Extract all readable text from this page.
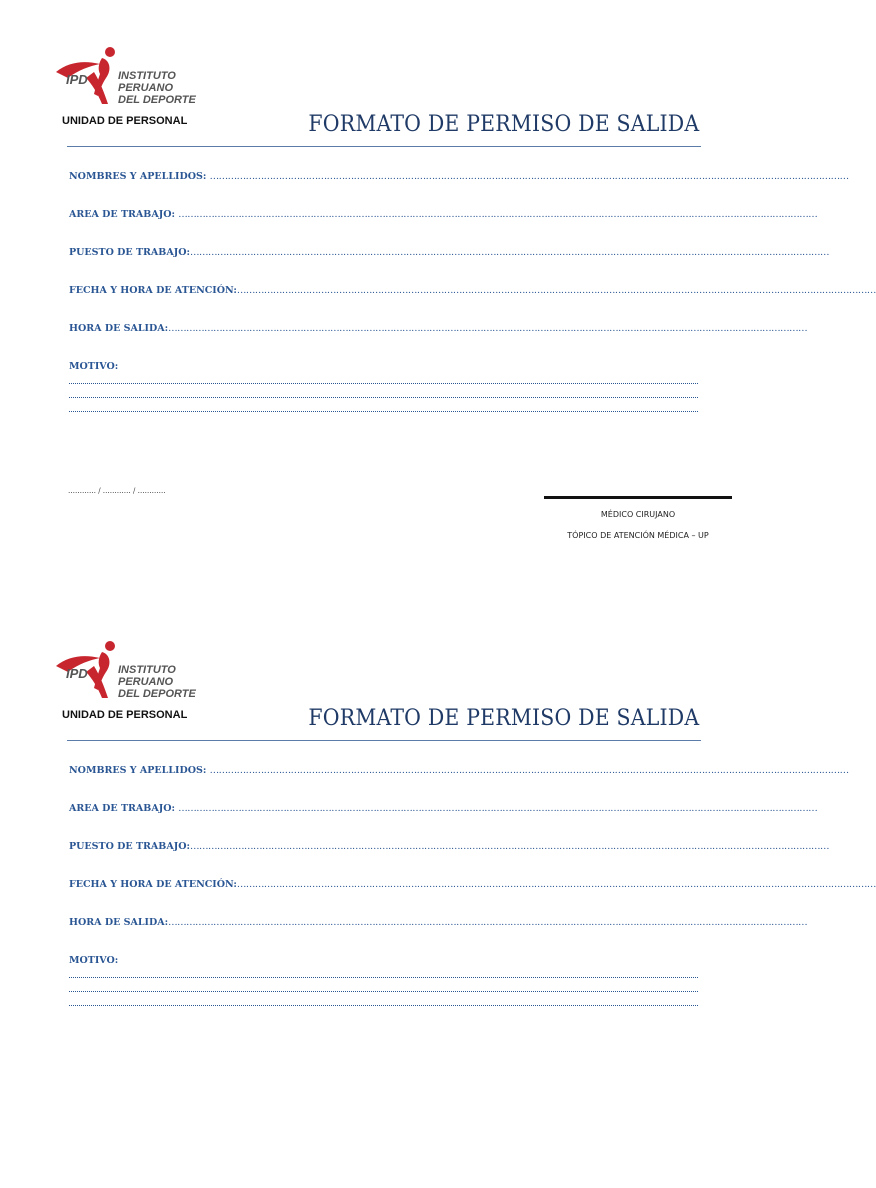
IPD	INSTITUTO
PERUANO
DEL DEPORTE
UNIDAD DE PERSONAL	FORMATO DE PERMISO DE SALIDA
NOMBRES Y APELLIDOS: ……………………………………………………………………………………………………………………………………………………………………………………………
AREA DE TRABAJO: ……………………………………………………………………………………………………………………………………………………………………………………………
PUESTO DE TRABAJO:……………………………………………………………………………………………………………………………………………………………………………………………
FECHA Y HORA DE ATENCIÓN:……………………………………………………………………………………………………………………………………………………………………………………………
HORA DE SALIDA:……………………………………………………………………………………………………………………………………………………………………………………………
MOTIVO:
………… / ………… / …………
MÉDICO CIRUJANO
TÓPICO DE ATENCIÓN MÉDICA – UP
IPD	INSTITUTO
PERUANO
DEL DEPORTE
UNIDAD DE PERSONAL	FORMATO DE PERMISO DE SALIDA
NOMBRES Y APELLIDOS: ……………………………………………………………………………………………………………………………………………………………………………………………
AREA DE TRABAJO: ……………………………………………………………………………………………………………………………………………………………………………………………
PUESTO DE TRABAJO:……………………………………………………………………………………………………………………………………………………………………………………………
FECHA Y HORA DE ATENCIÓN:……………………………………………………………………………………………………………………………………………………………………………………………
HORA DE SALIDA:……………………………………………………………………………………………………………………………………………………………………………………………
MOTIVO:
